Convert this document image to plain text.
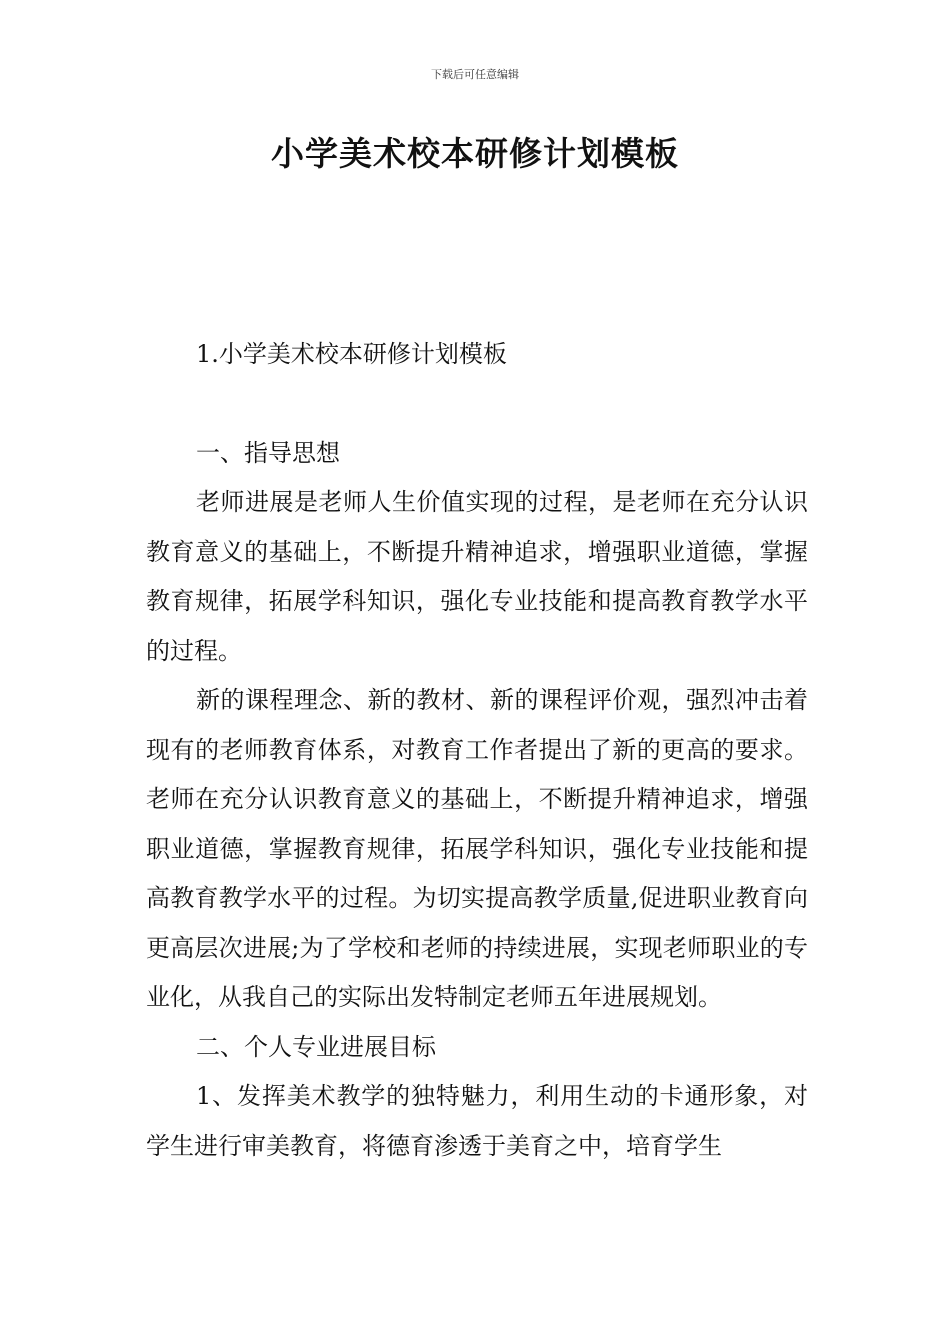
下载后可任意编辑
小学美术校本研修计划模板

1.小学美术校本研修计划模板

一、指导思想

老师进展是老师人生价值实现的过程，是老师在充分认识教育意义的基础上，不断提升精神追求，增强职业道德，掌握教育规律，拓展学科知识，强化专业技能和提高教育教学水平的过程。

新的课程理念、新的教材、新的课程评价观，强烈冲击着现有的老师教育体系，对教育工作者提出了新的更高的要求。老师在充分认识教育意义的基础上，不断提升精神追求，增强职业道德，掌握教育规律，拓展学科知识，强化专业技能和提高教育教学水平的过程。为切实提高教学质量,促进职业教育向更高层次进展;为了学校和老师的持续进展，实现老师职业的专业化，从我自己的实际出发特制定老师五年进展规划。

二、个人专业进展目标

1、发挥美术教学的独特魅力，利用生动的卡通形象，对学生进行审美教育，将德育渗透于美育之中，培育学生
